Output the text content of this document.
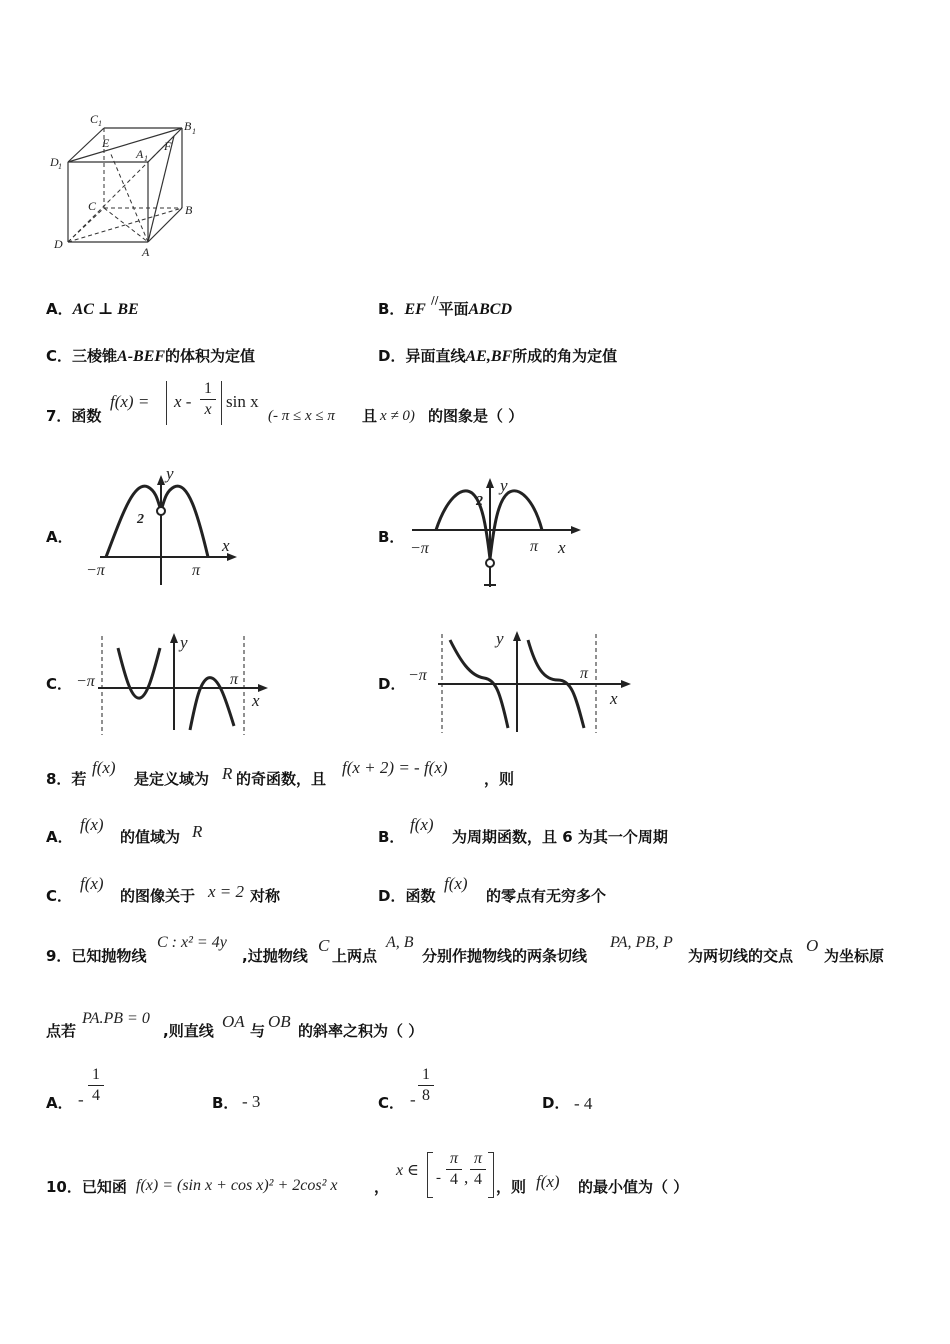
C 1	B 1
D 1
E
A 1
F
C	B
D
A
A．AC ⊥ BE	B．EF //平面ABCD
C．三棱锥A-BEF的体积为定值	D．异面直线AE,BF所成的角为定值
7．函数
f(x) = x -
1
x sin x
(- π ≤ x ≤ π 且 x ≠ 0) 的图象是（ ）
A．	B．
C．	D．
y
x
2
−π	π
y
x
2
−π	π
y
x
−π	π
y
x
−π	π
8．若
f(x)
是定义域为 R 的奇函数，且
f(x + 2) = - f(x)
，则
A．
f(x)
的值域为 R	B．
f(x)
为周期函数，且 6 为其一个周期
C．
f(x)
的图像关于 x = 2 对称	D．函数
f(x)
的零点有无穷多个
9．已知抛物线
C : x² = 4y
,过抛物线
C
上两点
A, B
分别作抛物线的两条切线
PA, PB, P
为两切线的交点
O
为坐标原
点若
PA.PB = 0
,则直线 OA 与 OB 的斜率之积为（ ）
A． -
1
4	B． - 3	C． -
1
8	D． - 4
10．已知函 f(x) = (sin x + cos x)² + 2cos² x ，
x ∈ -
π
4 ,
π
4 ，则 f(x) 的最小值为（ ）
